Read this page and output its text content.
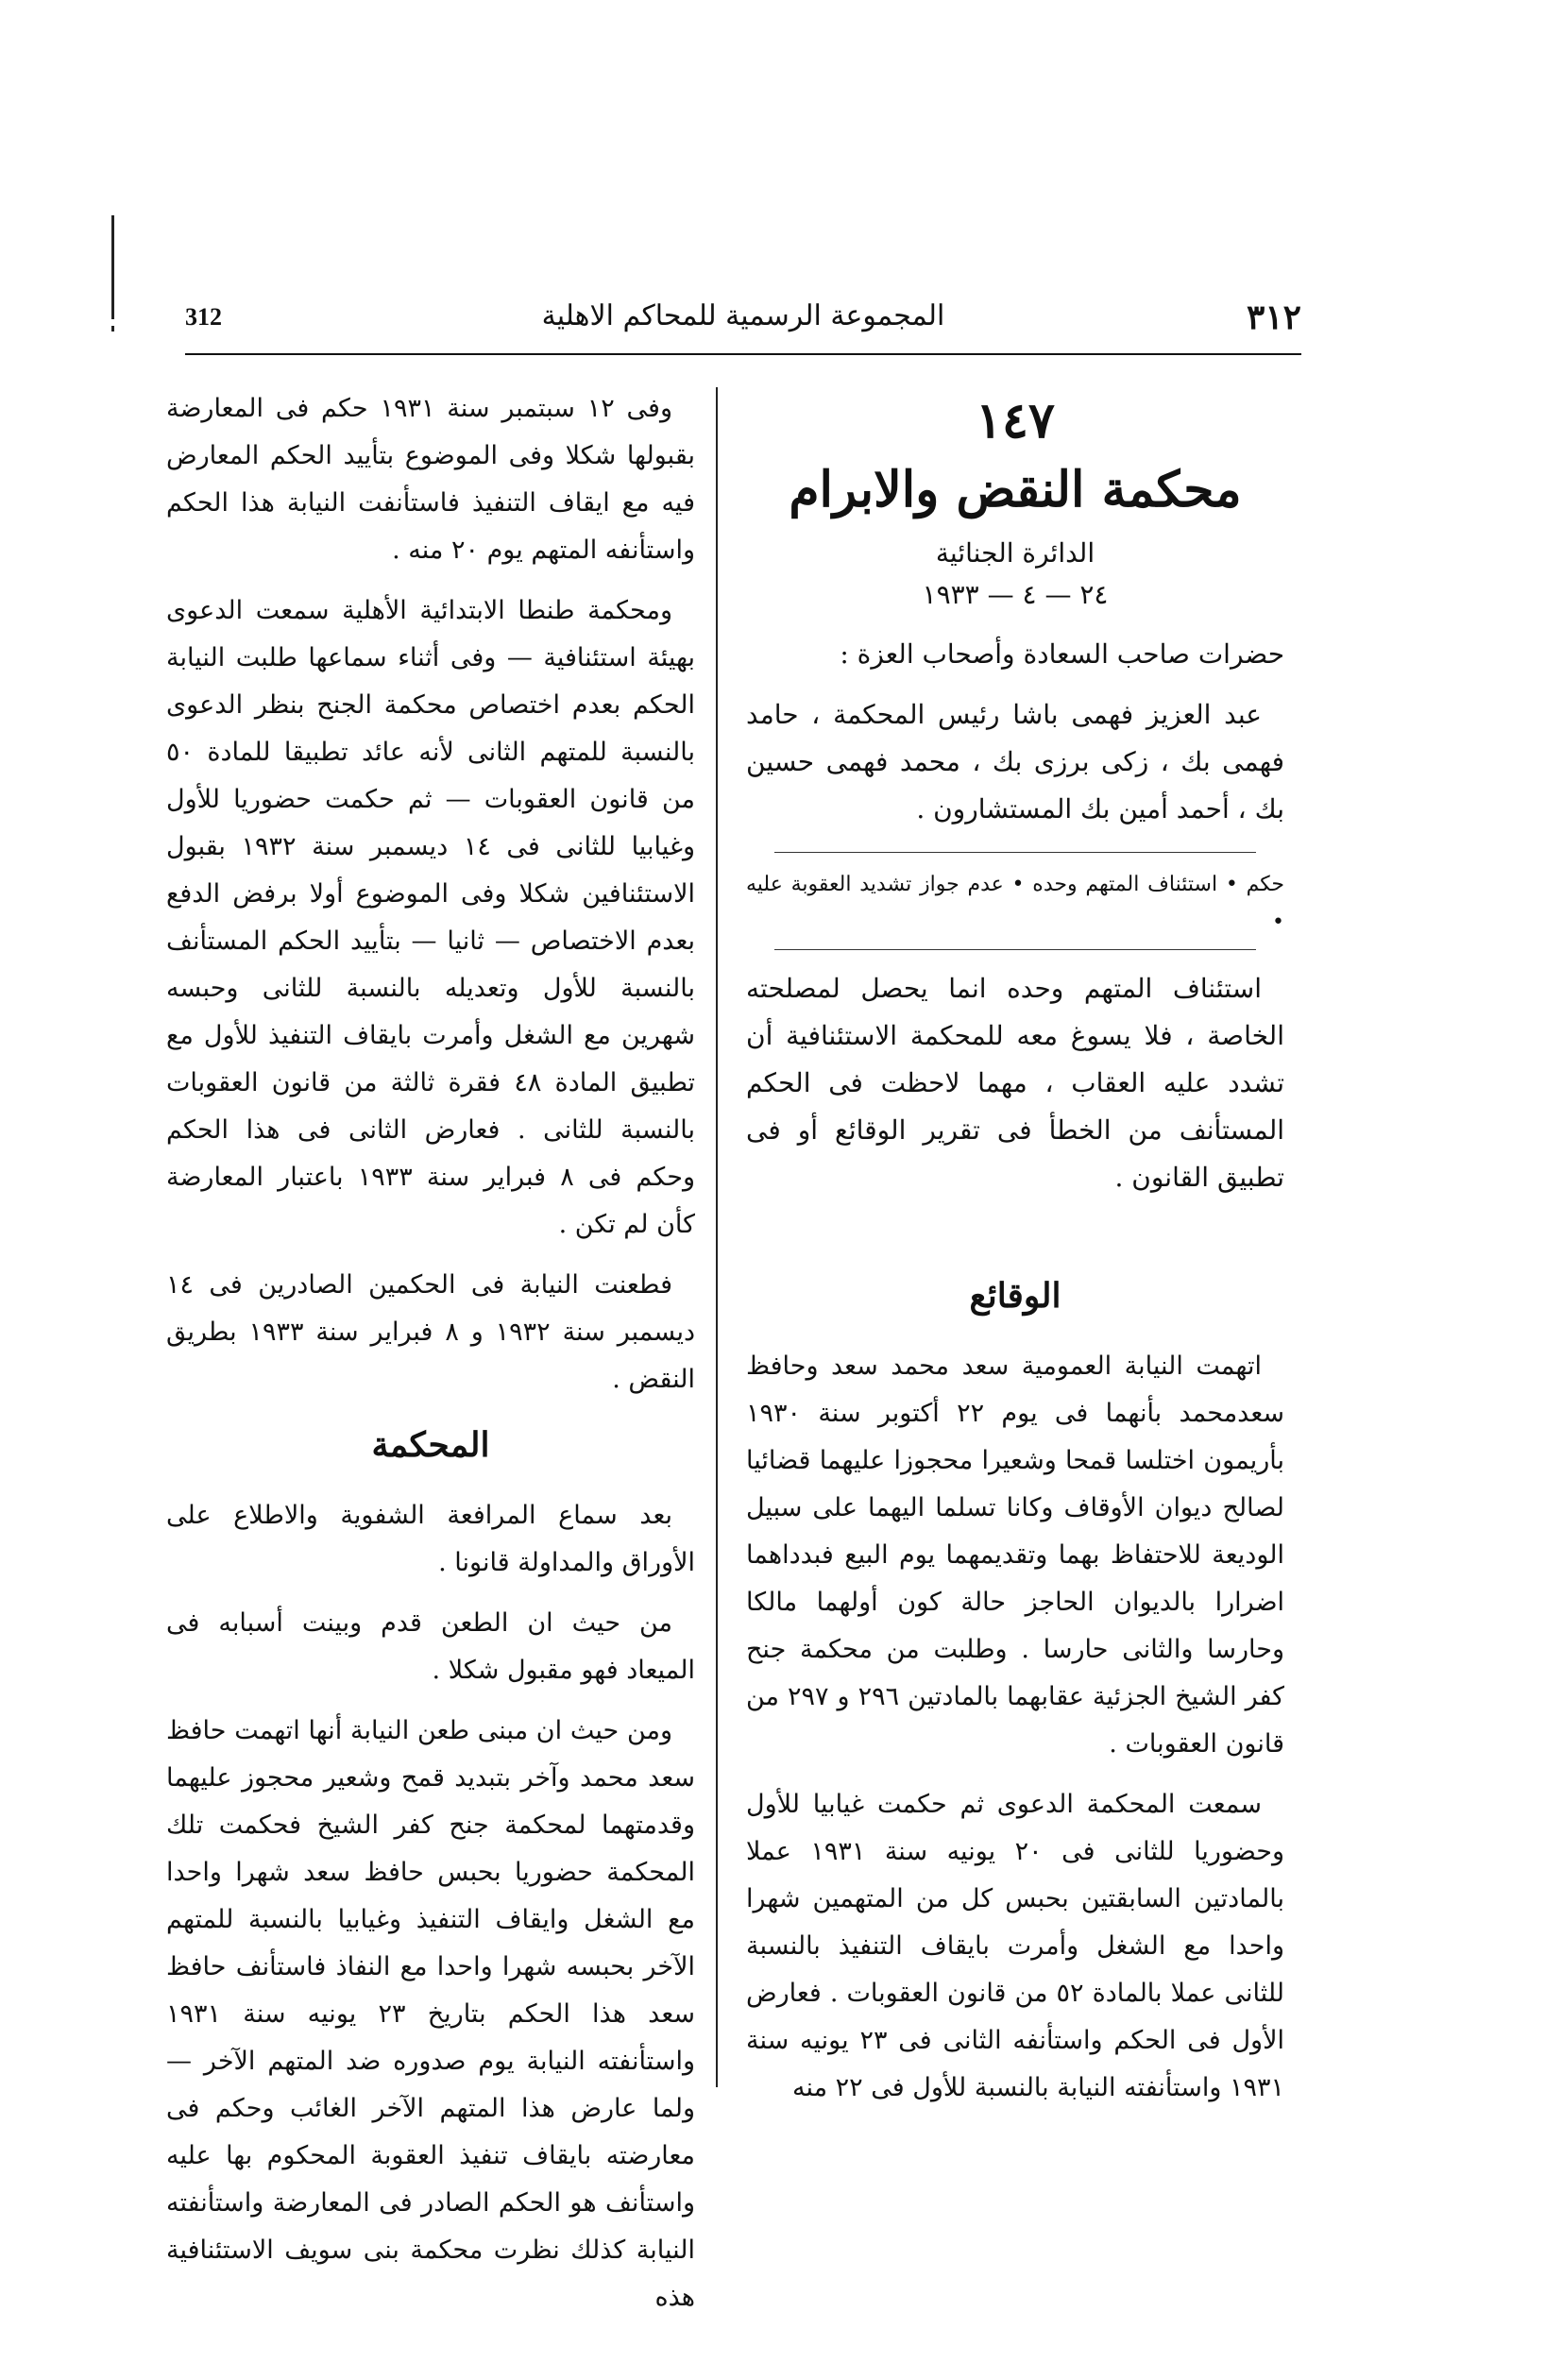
312	المجموعة الرسمية للمحاكم الاهلية	٣١٢
١٤٧
محكمة النقض والابرام
الدائرة الجنائية
٢٤ — ٤ — ١٩٣٣

حضرات صاحب السعادة وأصحاب العزة :

عبد العزيز فهمى باشا رئيس المحكمة ، حامد فهمى بك ، زكى برزى بك ، محمد فهمى حسين بك ، أحمد أمين بك المستشارون .

حكم • استئناف المتهم وحده • عدم جواز تشديد العقوبة عليه •

استئناف المتهم وحده انما يحصل لمصلحته الخاصة ، فلا يسوغ معه للمحكمة الاستئنافية أن تشدد عليه العقاب ، مهما لاحظت فى الحكم المستأنف من الخطأ فى تقرير الوقائع أو فى تطبيق القانون .

الوقائع

اتهمت النيابة العمومية سعد محمد سعد وحافظ سعدمحمد بأنهما فى يوم ٢٢ أكتوبر سنة ١٩٣٠ بأريمون اختلسا قمحا وشعيرا محجوزا عليهما قضائيا لصالح ديوان الأوقاف وكانا تسلما اليهما على سبيل الوديعة للاحتفاظ بهما وتقديمهما يوم البيع فبدداهما اضرارا بالديوان الحاجز حالة كون أولهما مالكا وحارسا والثانى حارسا . وطلبت من محكمة جنح كفر الشيخ الجزئية عقابهما بالمادتين ٢٩٦ و ٢٩٧ من قانون العقوبات .

سمعت المحكمة الدعوى ثم حكمت غيابيا للأول وحضوريا للثانى فى ٢٠ يونيه سنة ١٩٣١ عملا بالمادتين السابقتين بحبس كل من المتهمين شهرا واحدا مع الشغل وأمرت بايقاف التنفيذ بالنسبة للثانى عملا بالمادة ٥٢ من قانون العقوبات . فعارض الأول فى الحكم واستأنفه الثانى فى ٢٣ يونيه سنة ١٩٣١ واستأنفته النيابة بالنسبة للأول فى ٢٢ منه

وفى ١٢ سبتمبر سنة ١٩٣١ حكم فى المعارضة بقبولها شكلا وفى الموضوع بتأييد الحكم المعارض فيه مع ايقاف التنفيذ فاستأنفت النيابة هذا الحكم واستأنفه المتهم يوم ٢٠ منه .

ومحكمة طنطا الابتدائية الأهلية سمعت الدعوى بهيئة استئنافية — وفى أثناء سماعها طلبت النيابة الحكم بعدم اختصاص محكمة الجنح بنظر الدعوى بالنسبة للمتهم الثانى لأنه عائد تطبيقا للمادة ٥٠ من قانون العقوبات — ثم حكمت حضوريا للأول وغيابيا للثانى فى ١٤ ديسمبر سنة ١٩٣٢ بقبول الاستئنافين شكلا وفى الموضوع أولا برفض الدفع بعدم الاختصاص — ثانيا — بتأييد الحكم المستأنف بالنسبة للأول وتعديله بالنسبة للثانى وحبسه شهرين مع الشغل وأمرت بايقاف التنفيذ للأول مع تطبيق المادة ٤٨ فقرة ثالثة من قانون العقوبات بالنسبة للثانى . فعارض الثانى فى هذا الحكم وحكم فى ٨ فبراير سنة ١٩٣٣ باعتبار المعارضة كأن لم تكن .

فطعنت النيابة فى الحكمين الصادرين فى ١٤ ديسمبر سنة ١٩٣٢ و ٨ فبراير سنة ١٩٣٣ بطريق النقض .

المحكمة

بعد سماع المرافعة الشفوية والاطلاع على الأوراق والمداولة قانونا .

من حيث ان الطعن قدم وبينت أسبابه فى الميعاد فهو مقبول شكلا .

ومن حيث ان مبنى طعن النيابة أنها اتهمت حافظ سعد محمد وآخر بتبديد قمح وشعير محجوز عليهما وقدمتهما لمحكمة جنح كفر الشيخ فحكمت تلك المحكمة حضوريا بحبس حافظ سعد شهرا واحدا مع الشغل وايقاف التنفيذ وغيابيا بالنسبة للمتهم الآخر بحبسه شهرا واحدا مع النفاذ فاستأنف حافظ سعد هذا الحكم بتاريخ ٢٣ يونيه سنة ١٩٣١ واستأنفته النيابة يوم صدوره ضد المتهم الآخر — ولما عارض هذا المتهم الآخر الغائب وحكم فى معارضته بايقاف تنفيذ العقوبة المحكوم بها عليه واستأنف هو الحكم الصادر فى المعارضة واستأنفته النيابة كذلك نظرت محكمة بنى سويف الاستئنافية هذه
